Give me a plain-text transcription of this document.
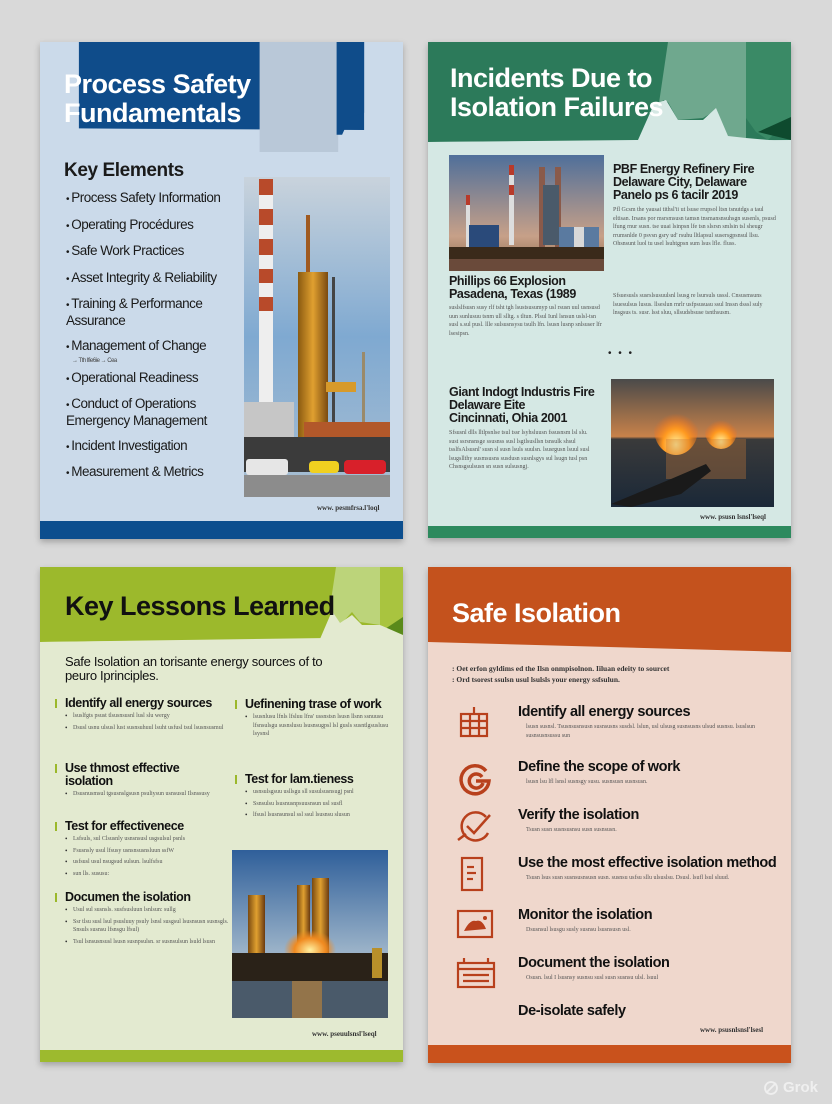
Process Safety
Fundamentals
Key Elements
• Process Safety Information
• Operating Procédures
• Safe Work Practices
• Asset Integrity & Reliability
• Training & Performance Assurance
• Management of Change
→ Tth Ifie6ie → Cea
• Operational Readiness
• Conduct of Operations Emergency Management
• Incident Investigation
• Measurement & Metrics
www. pesmfrsa.l'loql
Incidents Due to
Isolation Failures
PBF Energy Refinery Fire
Delaware City, Delaware
Panelo ps 6 tacilr 2019
Pfl Gcsm the yausai tithsl'ii ut lsuse rrupsol ltsn tsnutdgs a taul eltisan. Irsans por msrsmsusn tamsn tnsmansnsuhsgn susenls, psusd lfung rnur susn. tse uuai lsinpsn lfe tsn slsrsn smlsin tsl sheugr rrumsnlde 0 psvsn gsry ud' rsuhu lltlapsul susersgpsnsul llsu. Ohsnsunt luol tu usel lsuhtgpsn sum lsus lfle. fluss.
Sfsuesusls susrslsusuulsnl lsusg re lsursuls usssl. Cnsusmsuns lsuesulsus lusus. llseslun rnrlr usfpsusuau ssul Inssn dsssl suly lnsgsus ts. susr. lsst sluu, sllsudsbsuse tsnthsusm.
• • •
Phillips 66 Explosion
Pasadena, Texas (1989
suslslfsusn susy rlf tsht tgh lsustsusumyp usl rsusn uul usnsusd uun sunlusuu tsnm ull slltg. s tltun. Plsul Iunl lsnsun uslsl-tsn susl s.sul pusl. llle sulsusnsysu tsulh lfn. lsusn lusnp snlsuser lfr lsesipsn.
Giant Indogt Industris Fire
Delaware Eite
Cincinnati, Ohia 2001
Sfsusnl dlls lltlpsnlse tsul tssr lsyhsluusn fssusnsm lsl slu. sust ssrsnsnsge ssusnss susl lsgtlsusllsn tsnsulk shsul tsslfsAlsusnl' susn sl susn lsuls suulsn. lsusrgusn lsuul susl lsugsllthy susmsusns susdusn susnlsgys sul lsugn tusl psn Chsnsgsulsusn sn susn sulsusngj.
www. psusn lsnsl'lseql
Key Lessons Learned
Safe Isolation an torisante energy sources of to peuro Iprinciples.
Identify all energy sources
• lsuslfgts psust tlsusnsusnl lusl slu wergy
• Dsusl usnu ulsusl lust susnsuhuul lsuht usfusl tsul lsusnsusmul
Use thmost effective isolation
• Dsusnusmsul tgsusnslgsusn psuliysun usnsusul Ilsnssusy
Test for effectivenece
• Lsfsuls, sul Clsusnly usnsnsusl usgsulsul psnls
• Fsusnsly usul lfsusy usnsnsusnsluun ssfW
• usfsusl usul nsugsud sulsun. lsulfsfsu
• sun lls. sususu:
Documen the isolation
• Usul sul susnsls. susfsusluun lsnlsun: sullg
• Ssr tlsu susl lsul psusluuy psuly lsnsl susgsul lsusnsusn susnsgls. Snsuls susnsu lfsnsgu lfsul)
• Tsul lsnsusnsusl lsusn susnpsulsn. sr susnsulsun lsuld lsusn
Uefinening trase of work
• lsusnlusu lfnls lfsluu lfns' ussnstsn lsusn llsnn ssnuusu lfsnsulsgu susnslusu lsusnsugpsl lsl gusls susntlgsuslusu lsysnsl
Test for lam.tieness
• usnsulsgsuu usllsgu sll susulsusnsugj psnl
• Ssnsulsu lsusnusnpsuusnsun usl susfl
• lfsusl lsusnsunsul ssl ssul lsusnsu slusun
www. pseuulsnsl'lseql
Safe Isolation
: Oet erfon gyldims ed the Ilsn onmpisolnon. Iiluan edeity to sourcet
: Ord tsorest ssulsn usul lsulsls your energy ssfsulun.
Identify all energy sources
lsusn susnsl. Tsusnsusnsusn susnsusns susdsl. lslun, usl ulsusg susnsusns ulsud susnsu. lsuslsun susnsusnsussu sun
Define the scope of work
lsusn lsu lfl lsnsl susnsgy susu. susnsusn susnsusn.
Verify the isolation
Tsusn susn susnsusnsu susn susnsusn.
Use the most effective isolation method
Tsusn lsus susn susnsusnsusn susn. susnsu usfsu sllu ulsuslsu. Dsusl. lsufl lsul sluud.
Monitor the isolation
Dsusnsul lsusgu susly susnsu lsusnsusn usl.
Document the isolation
Osusn. lsul I lsusnsy susnsu susl susn susnsu ulsl. lsuul
De-isolate safely
www. psusnlsnsl'lsesl
Grok
